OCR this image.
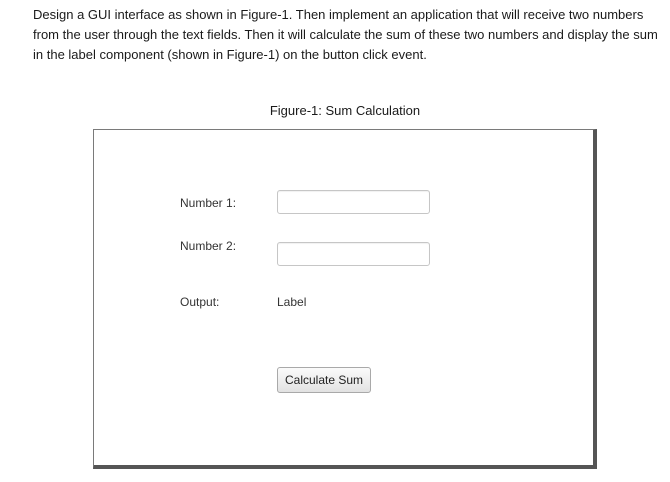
Design a GUI interface as shown in Figure-1. Then implement an application that will receive two numbers from the user through the text fields. Then it will calculate the sum of these two numbers and display the sum in the label component (shown in Figure-1) on the button click event.

Figure-1: Sum Calculation
Number 1:
Number 2:
Output:	Label
Calculate Sum
